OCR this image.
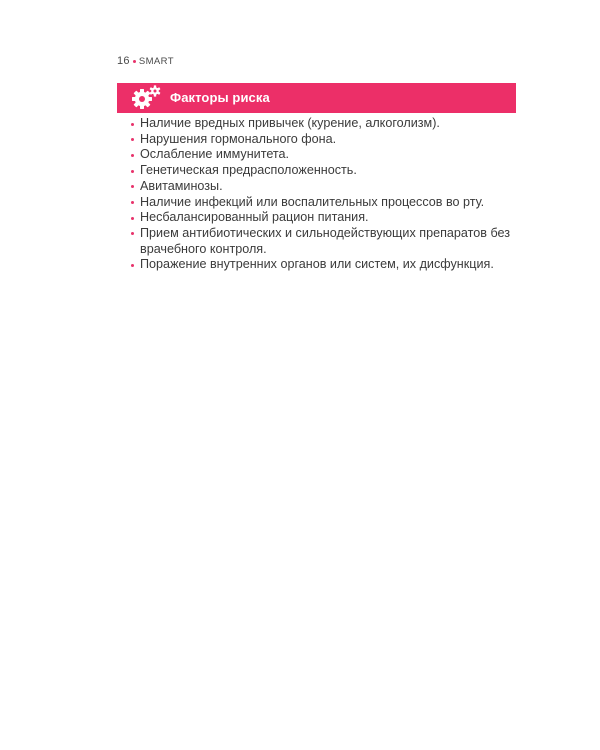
16 SMART
Факторы риска
Наличие вредных привычек (курение, алкоголизм).
Нарушения гормонального фона.
Ослабление иммунитета.
Генетическая предрасположенность.
Авитаминозы.
Наличие инфекций или воспалительных процессов во рту.
Несбалансированный рацион питания.
Прием антибиотических и сильнодействующих препаратов без врачебного контроля.
Поражение внутренних органов или систем, их дисфункция.
